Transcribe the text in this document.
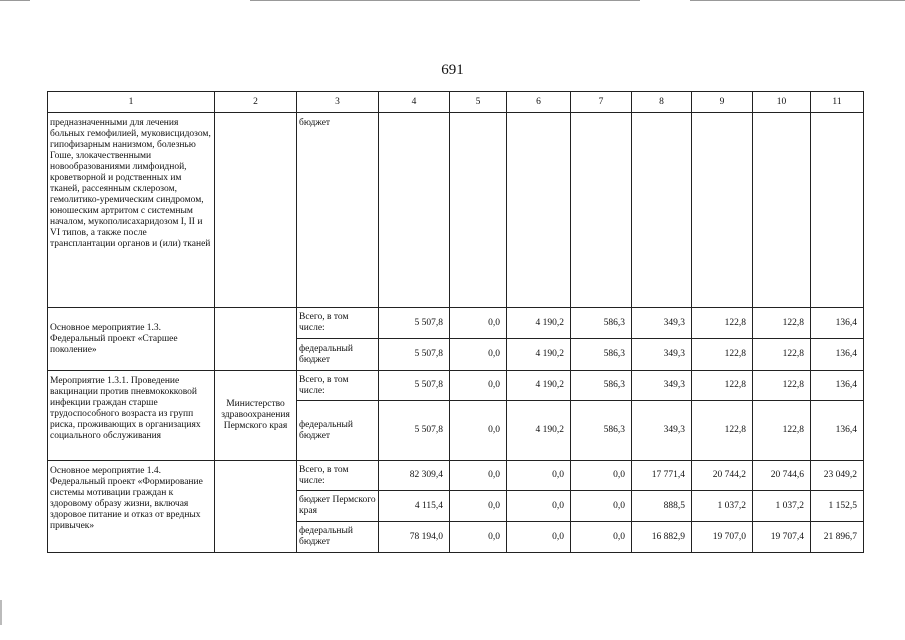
691
1	2	3	4	5	6	7	8	9	10	11
предназначенными для лечения больных гемофилией, муковисцидозом, гипофизарным нанизмом, болезнью Гоше, злокачественными новообразованиями лимфоидной, кроветворной и родственных им тканей, рассеянным склерозом, гемолитико-уремическим синдромом, юношеским артритом с системным началом, мукополисахаридозом I, II и VI типов, а также после трансплантации органов и (или) тканей		бюджет								
Основное мероприятие 1.3. Федеральный проект «Старшее поколение»		Всего, в том числе:	5 507,8	0,0	4 190,2	586,3	349,3	122,8	122,8	136,4
		федеральный бюджет	5 507,8	0,0	4 190,2	586,3	349,3	122,8	122,8	136,4
Мероприятие 1.3.1. Проведение вакцинации против пневмококковой инфекции граждан старше трудоспособного возраста из групп риска, проживающих в организациях социального обслуживания	Министерство здравоохранения Пермского края	Всего, в том числе:	5 507,8	0,0	4 190,2	586,3	349,3	122,8	122,8	136,4
		федеральный бюджет	5 507,8	0,0	4 190,2	586,3	349,3	122,8	122,8	136,4
Основное мероприятие 1.4. Федеральный проект «Формирование системы мотивации граждан к здоровому образу жизни, включая здоровое питание и отказ от вредных привычек»		Всего, в том числе:	82 309,4	0,0	0,0	0,0	17 771,4	20 744,2	20 744,6	23 049,2
		бюджет Пермского края	4 115,4	0,0	0,0	0,0	888,5	1 037,2	1 037,2	1 152,5
		федеральный бюджет	78 194,0	0,0	0,0	0,0	16 882,9	19 707,0	19 707,4	21 896,7
